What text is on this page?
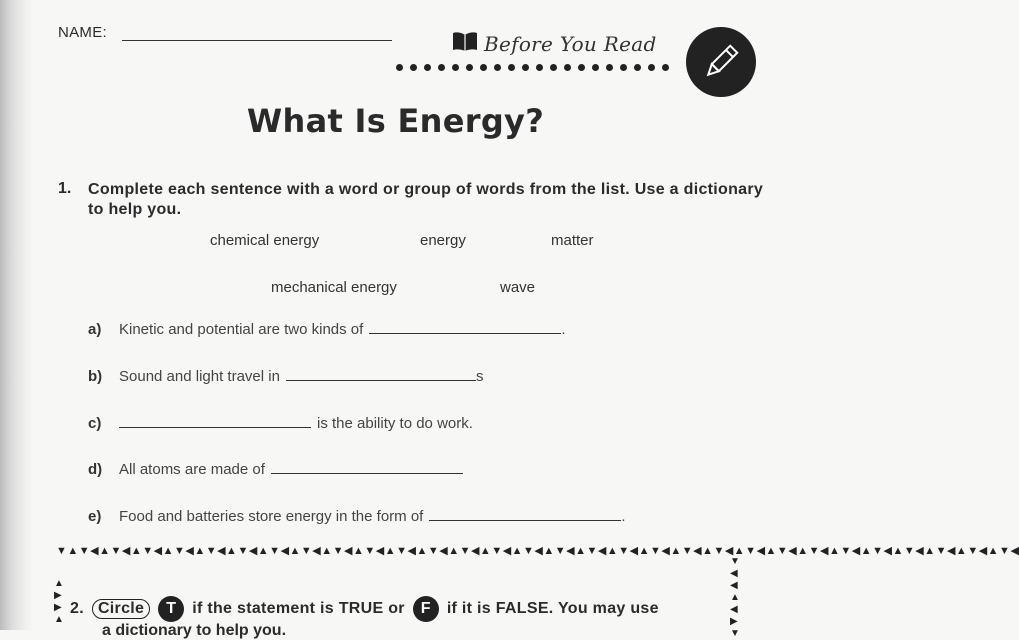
NAME:	Before You Read
What Is Energy?
1. Complete each sentence with a word or group of words from the list. Use a dictionary to help you.
chemical energy	energy	matter
mechanical energy	wave
a)	Kinetic and potential are two kinds of	.
b)	Sound and light travel in	s
c)	is the ability to do work.
d)	All atoms are made of
e)	Food and batteries store energy in the form of	.
▼▲▼◀▲▼◀▲▼◀▲▼◀▲▼◀▲▼◀▲▼◀▲▼◀▲▼◀▲▼◀▲▼◀▲▼◀▲▼◀▲▼◀▲▼◀▲▼◀▲▼◀▲▼◀▲▼◀▲▼◀▲▼◀▲▼◀▲▼◀▲▼◀▲▼◀▲▼◀▲▼◀▲▼◀▲▼◀▲▼◀
▲
▶
▶
▲
▼
◀
◀
▲
◀
▶
▼
2. Circle	T if the statement is TRUE or F if it is FALSE. You may use
a dictionary to help you.
